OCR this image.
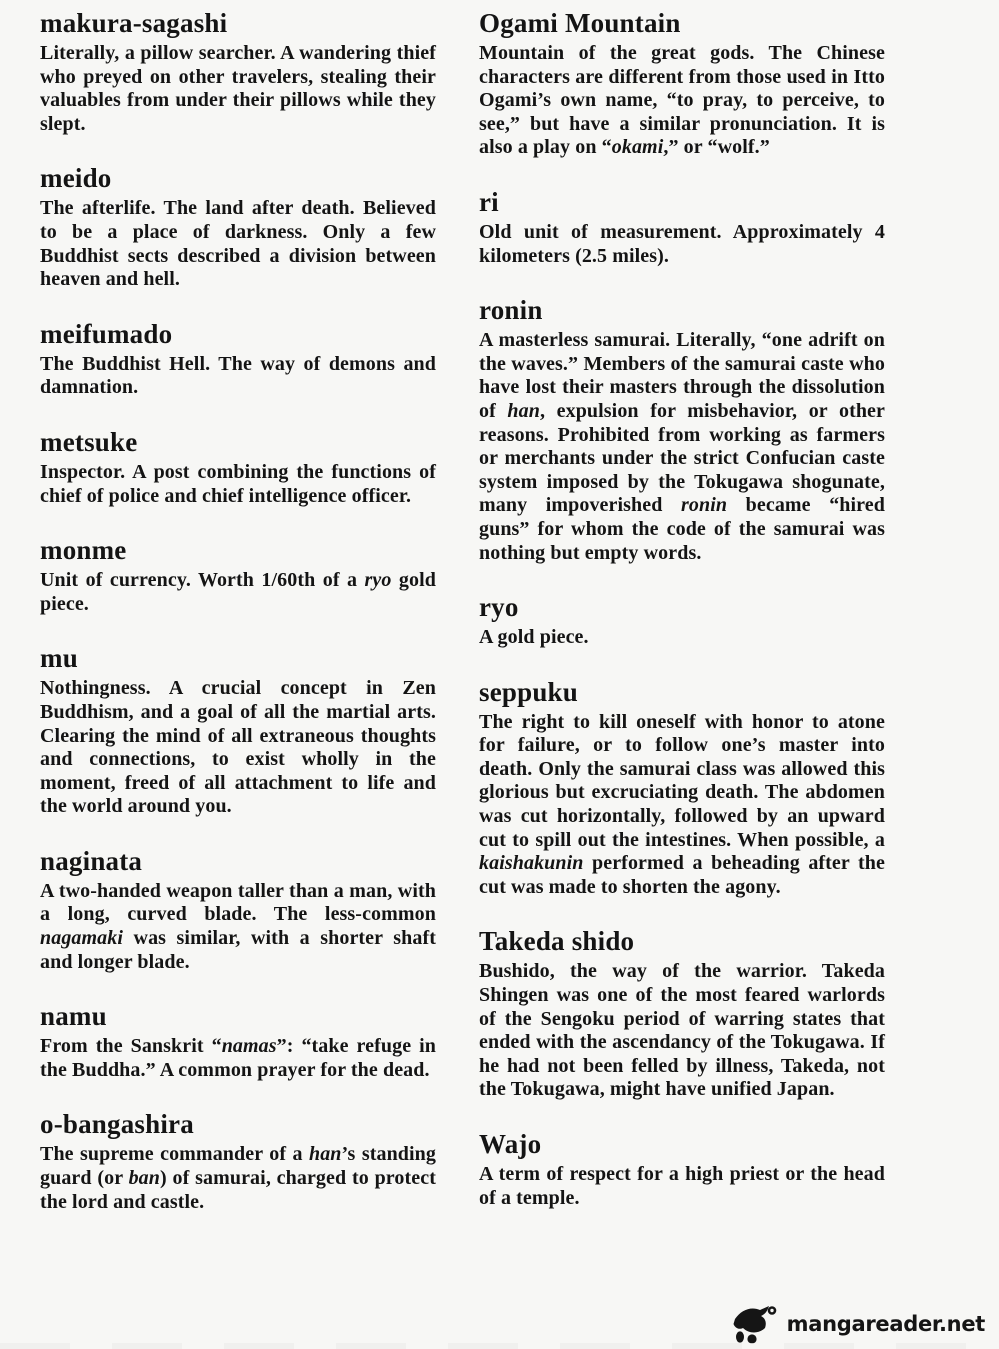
makura-sagashi

Literally, a pillow searcher. A wandering thief who preyed on other travelers, stealing their valuables from under their pillows while they slept.

meido

The afterlife. The land after death. Believed to be a place of darkness. Only a few Buddhist sects described a division between heaven and hell.

meifumado

The Buddhist Hell. The way of demons and damnation.

metsuke

Inspector. A post combining the functions of chief of police and chief intelligence officer.

monme

Unit of currency. Worth 1/60th of a ryo gold piece.

mu

Nothingness. A crucial concept in Zen Buddhism, and a goal of all the martial arts. Clearing the mind of all extraneous thoughts and connections, to exist wholly in the moment, freed of all attachment to life and the world around you.

naginata

A two-handed weapon taller than a man, with a long, curved blade. The less-common nagamaki was similar, with a shorter shaft and longer blade.

namu

From the Sanskrit “namas”: “take refuge in the Buddha.” A common prayer for the dead.

o-bangashira

The supreme commander of a han’s standing guard (or ban) of samurai, charged to protect the lord and castle.

Ogami Mountain

Mountain of the great gods. The Chinese characters are different from those used in Itto Ogami’s own name, “to pray, to perceive, to see,” but have a similar pronunciation. It is also a play on “okami,” or “wolf.”

ri

Old unit of measurement. Approximately 4 kilometers (2.5 miles).

ronin

A masterless samurai. Literally, “one adrift on the waves.” Members of the samurai caste who have lost their masters through the dissolution of han, expulsion for misbehavior, or other reasons. Prohibited from working as farmers or merchants under the strict Confucian caste system imposed by the Tokugawa shogunate, many impoverished ronin became “hired guns” for whom the code of the samurai was nothing but empty words.

ryo

A gold piece.

seppuku

The right to kill oneself with honor to atone for failure, or to follow one’s master into death. Only the samurai class was allowed this glorious but excruciating death. The abdomen was cut horizontally, followed by an upward cut to spill out the intestines. When possible, a kaishakunin performed a beheading after the cut was made to shorten the agony.

Takeda shido

Bushido, the way of the warrior. Takeda Shingen was one of the most feared warlords of the Sengoku period of warring states that ended with the ascendancy of the Tokugawa. If he had not been felled by illness, Takeda, not the Tokugawa, might have unified Japan.

Wajo

A term of respect for a high priest or the head of a temple.

mangareader.net
